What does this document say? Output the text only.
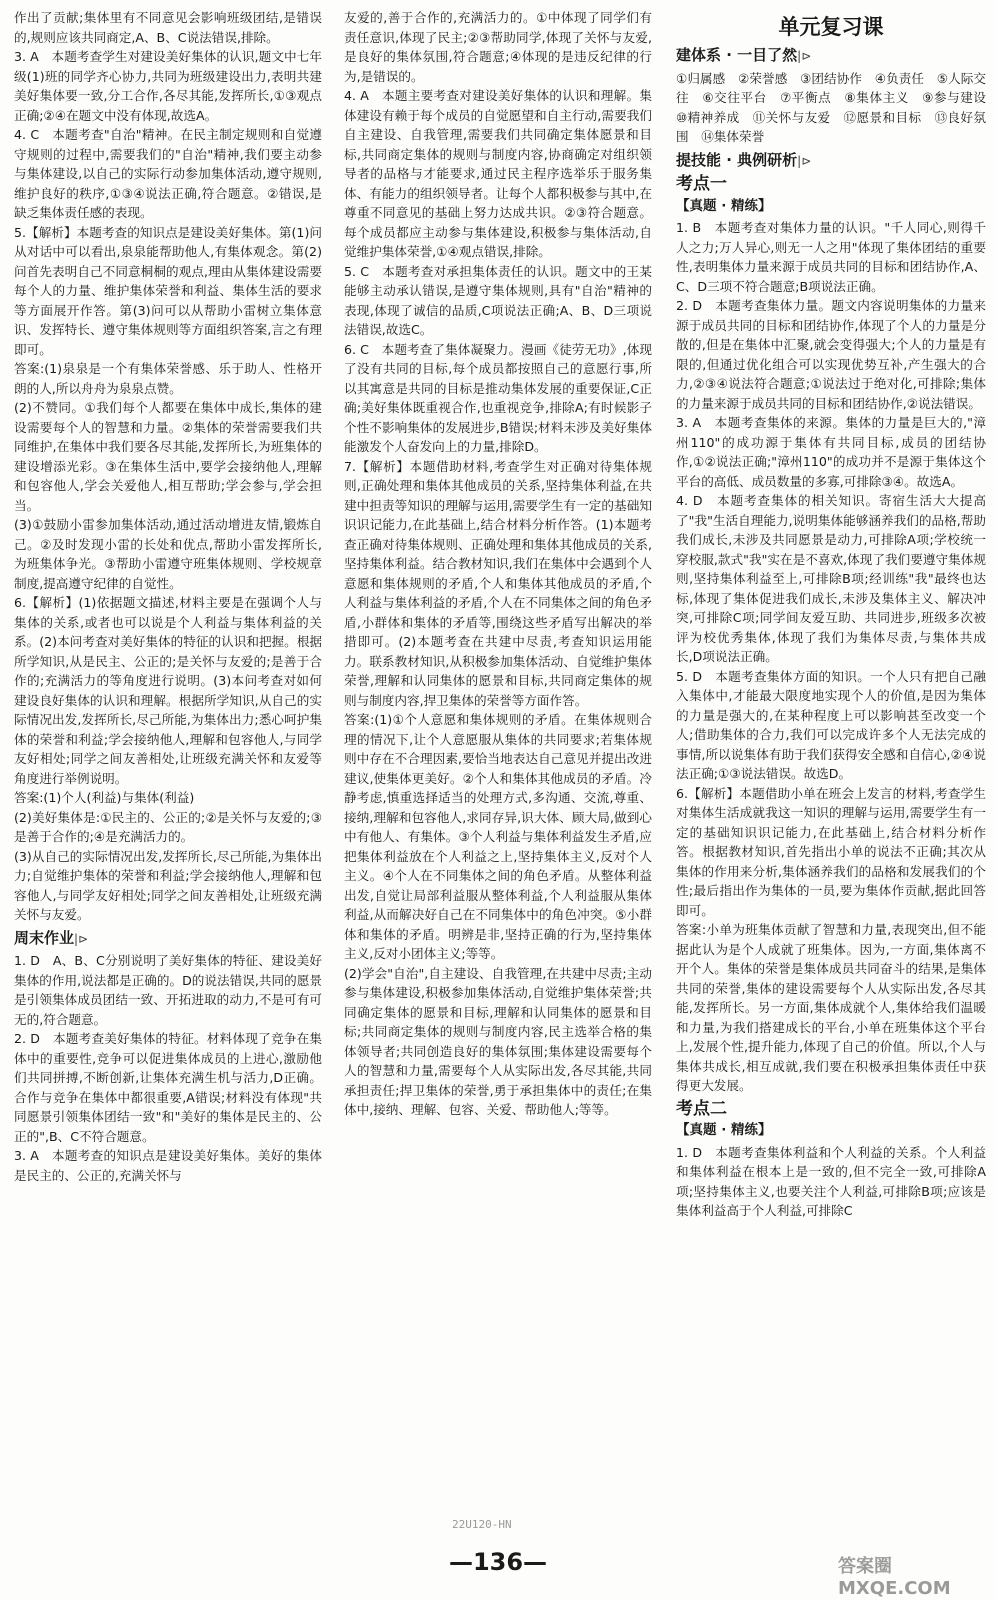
作出了贡献;集体里有不同意见会影响班级团结,是错误的,规则应该共同商定,A、B、C说法错误,排除。

3. A　本题考查学生对建设美好集体的认识,题文中七年级(1)班的同学齐心协力,共同为班级建设出力,表明共建美好集体要一致,分工合作,各尽其能,发挥所长,①③观点正确;②④在题文中没有体现,故选A。

4. C　本题考查"自治"精神。在民主制定规则和自觉遵守规则的过程中,需要我们的"自治"精神,我们要主动参与集体建设,以自己的实际行动参加集体活动,遵守规则,维护良好的秩序,①③④说法正确,符合题意。②错误,是缺乏集体责任感的表现。

5.【解析】本题考查的知识点是建设美好集体。第(1)问从对话中可以看出,泉泉能帮助他人,有集体观念。第(2)问首先表明自己不同意桐桐的观点,理由从集体建设需要每个人的力量、维护集体荣誉和利益、集体生活的要求等方面展开作答。第(3)问可以从帮助小雷树立集体意识、发挥特长、遵守集体规则等方面组织答案,言之有理即可。

答案:(1)泉泉是一个有集体荣誉感、乐于助人、性格开朗的人,所以舟舟为泉泉点赞。

(2)不赞同。①我们每个人都要在集体中成长,集体的建设需要每个人的智慧和力量。②集体的荣誉需要我们共同维护,在集体中我们要各尽其能,发挥所长,为班集体的建设增添光彩。③在集体生活中,要学会接纳他人,理解和包容他人,学会关爱他人,相互帮助;学会参与,学会担当。

(3)①鼓励小雷参加集体活动,通过活动增进友情,锻炼自己。②及时发现小雷的长处和优点,帮助小雷发挥所长,为班集体争光。③帮助小雷遵守班集体规则、学校规章制度,提高遵守纪律的自觉性。

6.【解析】(1)依据题文描述,材料主要是在强调个人与集体的关系,或者也可以说是个人利益与集体利益的关系。(2)本问考查对美好集体的特征的认识和把握。根据所学知识,从是民主、公正的;是关怀与友爱的;是善于合作的;充满活力的等角度进行说明。(3)本问考查对如何建设良好集体的认识和理解。根据所学知识,从自己的实际情况出发,发挥所长,尽己所能,为集体出力;悉心呵护集体的荣誉和利益;学会接纳他人,理解和包容他人,与同学友好相处;同学之间友善相处,让班级充满关怀和友爱等角度进行举例说明。

答案:(1)个人(利益)与集体(利益)

(2)美好集体是:①民主的、公正的;②是关怀与友爱的;③是善于合作的;④是充满活力的。

(3)从自己的实际情况出发,发挥所长,尽己所能,为集体出力;自觉维护集体的荣誉和利益;学会接纳他人,理解和包容他人,与同学友好相处;同学之间友善相处,让班级充满关怀与友爱。

周末作业|⊳

1. D　A、B、C分别说明了美好集体的特征、建设美好集体的作用,说法都是正确的。D的说法错误,共同的愿景是引领集体成员团结一致、开拓进取的动力,不是可有可无的,符合题意。

2. D　本题考查美好集体的特征。材料体现了竞争在集体中的重要性,竞争可以促进集体成员的上进心,激励他们共同拼搏,不断创新,让集体充满生机与活力,D正确。合作与竞争在集体中都很重要,A错误;材料没有体现"共同愿景引领集体团结一致"和"美好的集体是民主的、公正的",B、C不符合题意。

3. A　本题考查的知识点是建设美好集体。美好的集体是民主的、公正的,充满关怀与

友爱的,善于合作的,充满活力的。①中体现了同学们有责任意识,体现了民主;②③帮助同学,体现了关怀与友爱,是良好的集体氛围,符合题意;④体现的是违反纪律的行为,是错误的。

4. A　本题主要考查对建设美好集体的认识和理解。集体建设有赖于每个成员的自觉愿望和自主行动,需要我们自主建设、自我管理,需要我们共同确定集体愿景和目标,共同商定集体的规则与制度内容,协商确定对组织领导者的品格与才能要求,通过民主程序选举乐于服务集体、有能力的组织领导者。让每个人都积极参与其中,在尊重不同意见的基础上努力达成共识。②③符合题意。每个成员都应主动参与集体建设,积极参与集体活动,自觉维护集体荣誉,①④观点错误,排除。

5. C　本题考查对承担集体责任的认识。题文中的王某能够主动承认错误,是遵守集体规则,具有"自治"精神的表现,体现了诚信的品质,C项说法正确;A、B、D三项说法错误,故选C。

6. C　本题考查了集体凝聚力。漫画《徒劳无功》,体现了没有共同的目标,每个成员都按照自己的意愿行事,所以其寓意是共同的目标是推动集体发展的重要保证,C正确;美好集体既重视合作,也重视竞争,排除A;有时候影子个性不影响集体的发展进步,B错误;材料未涉及美好集体能激发个人奋发向上的力量,排除D。

7.【解析】本题借助材料,考查学生对正确对待集体规则,正确处理和集体其他成员的关系,坚持集体利益,在共建中担责等知识的理解与运用,需要学生有一定的基础知识识记能力,在此基础上,结合材料分析作答。(1)本题考查正确对待集体规则、正确处理和集体其他成员的关系,坚持集体利益。结合教材知识,我们在集体中会遇到个人意愿和集体规则的矛盾,个人和集体其他成员的矛盾,个人利益与集体利益的矛盾,个人在不同集体之间的角色矛盾,小群体和集体的矛盾等,围绕这些矛盾写出解决的举措即可。(2)本题考查在共建中尽责,考查知识运用能力。联系教材知识,从积极参加集体活动、自觉维护集体荣誉,理解和认同集体的愿景和目标,共同商定集体的规则与制度内容,捍卫集体的荣誉等方面作答。

答案:(1)①个人意愿和集体规则的矛盾。在集体规则合理的情况下,让个人意愿服从集体的共同要求;若集体规则中存在不合理因素,要恰当地表达自己意见并提出改进建议,使集体更美好。②个人和集体其他成员的矛盾。冷静考虑,慎重选择适当的处理方式,多沟通、交流,尊重、接纳,理解和包容他人,求同存异,识大体、顾大局,做到心中有他人、有集体。③个人利益与集体利益发生矛盾,应把集体利益放在个人利益之上,坚持集体主义,反对个人主义。④个人在不同集体之间的角色矛盾。从整体利益出发,自觉让局部利益服从整体利益,个人利益服从集体利益,从而解决好自己在不同集体中的角色冲突。⑤小群体和集体的矛盾。明辨是非,坚持正确的行为,坚持集体主义,反对小团体主义;等等。

(2)学会"自治",自主建设、自我管理,在共建中尽责;主动参与集体建设,积极参加集体活动,自觉维护集体荣誉;共同确定集体的愿景和目标,理解和认同集体的愿景和目标;共同商定集体的规则与制度内容,民主选举合格的集体领导者;共同创造良好的集体氛围;集体建设需要每个人的智慧和力量,需要每个人从实际出发,各尽其能,共同承担责任;捍卫集体的荣誉,勇于承担集体中的责任;在集体中,接纳、理解、包容、关爱、帮助他人;等等。

单元复习课
建体系 · 一目了然|⊳

①归属感　②荣誉感　③团结协作　④负责任　⑤人际交往　⑥交往平台　⑦平衡点　⑧集体主义　⑨参与建设　⑩精神养成　⑪关怀与友爱　⑫愿景和目标　⑬良好氛围　⑭集体荣誉

提技能 · 典例研析|⊳
考点一
【真题 · 精练】

1. B　本题考查对集体力量的认识。"千人同心,则得千人之力;万人异心,则无一人之用"体现了集体团结的重要性,表明集体力量来源于成员共同的目标和团结协作,A、C、D三项不符合题意;B项说法正确。

2. D　本题考查集体力量。题文内容说明集体的力量来源于成员共同的目标和团结协作,体现了个人的力量是分散的,但是在集体中汇聚,就会变得强大;个人的力量是有限的,但通过优化组合可以实现优势互补,产生强大的合力,②③④说法符合题意;①说法过于绝对化,可排除;集体的力量来源于成员共同的目标和团结协作,②说法错误。

3. A　本题考查集体的来源。集体的力量是巨大的,"漳州110"的成功源于集体有共同目标,成员的团结协作,①②说法正确;"漳州110"的成功并不是源于集体这个平台的高低、成员数量的多寡,可排除③④。故选A。

4. D　本题考查集体的相关知识。寄宿生活大大提高了"我"生活自理能力,说明集体能够涵养我们的品格,帮助我们成长,未涉及共同愿景是动力,可排除A项;学校统一穿校服,款式"我"实在是不喜欢,体现了我们要遵守集体规则,坚持集体利益至上,可排除B项;经训练"我"最终也达标,体现了集体促进我们成长,未涉及集体主义、解决冲突,可排除C项;同学间友爱互助、共同进步,班级多次被评为校优秀集体,体现了我们为集体尽责,与集体共成长,D项说法正确。

5. D　本题考查集体方面的知识。一个人只有把自己融入集体中,才能最大限度地实现个人的价值,是因为集体的力量是强大的,在某种程度上可以影响甚至改变一个人;借助集体的合力,我们可以完成许多个人无法完成的事情,所以说集体有助于我们获得安全感和自信心,②④说法正确;①③说法错误。故选D。

6.【解析】本题借助小单在班会上发言的材料,考查学生对集体生活成就我这一知识的理解与运用,需要学生有一定的基础知识识记能力,在此基础上,结合材料分析作答。根据教材知识,首先指出小单的说法不正确;其次从集体的作用来分析,集体涵养我们的品格和发展我们的个性;最后指出作为集体的一员,要为集体作贡献,据此回答即可。

答案:小单为班集体贡献了智慧和力量,表现突出,但不能据此认为是个人成就了班集体。因为,一方面,集体离不开个人。集体的荣誉是集体成员共同奋斗的结果,是集体共同的荣誉,集体的建设需要每个人从实际出发,各尽其能,发挥所长。另一方面,集体成就个人,集体给我们温暖和力量,为我们搭建成长的平台,小单在班集体这个平台上,发展个性,提升能力,体现了自己的价值。所以,个人与集体共成长,相互成就,我们要在积极承担集体责任中获得更大发展。

考点二
【真题 · 精练】

1. D　本题考查集体利益和个人利益的关系。个人利益和集体利益在根本上是一致的,但不完全一致,可排除A项;坚持集体主义,也要关注个人利益,可排除B项;应该是集体利益高于个人利益,可排除C

22U120-HN
—136—	答案圈 MXQE.COM
